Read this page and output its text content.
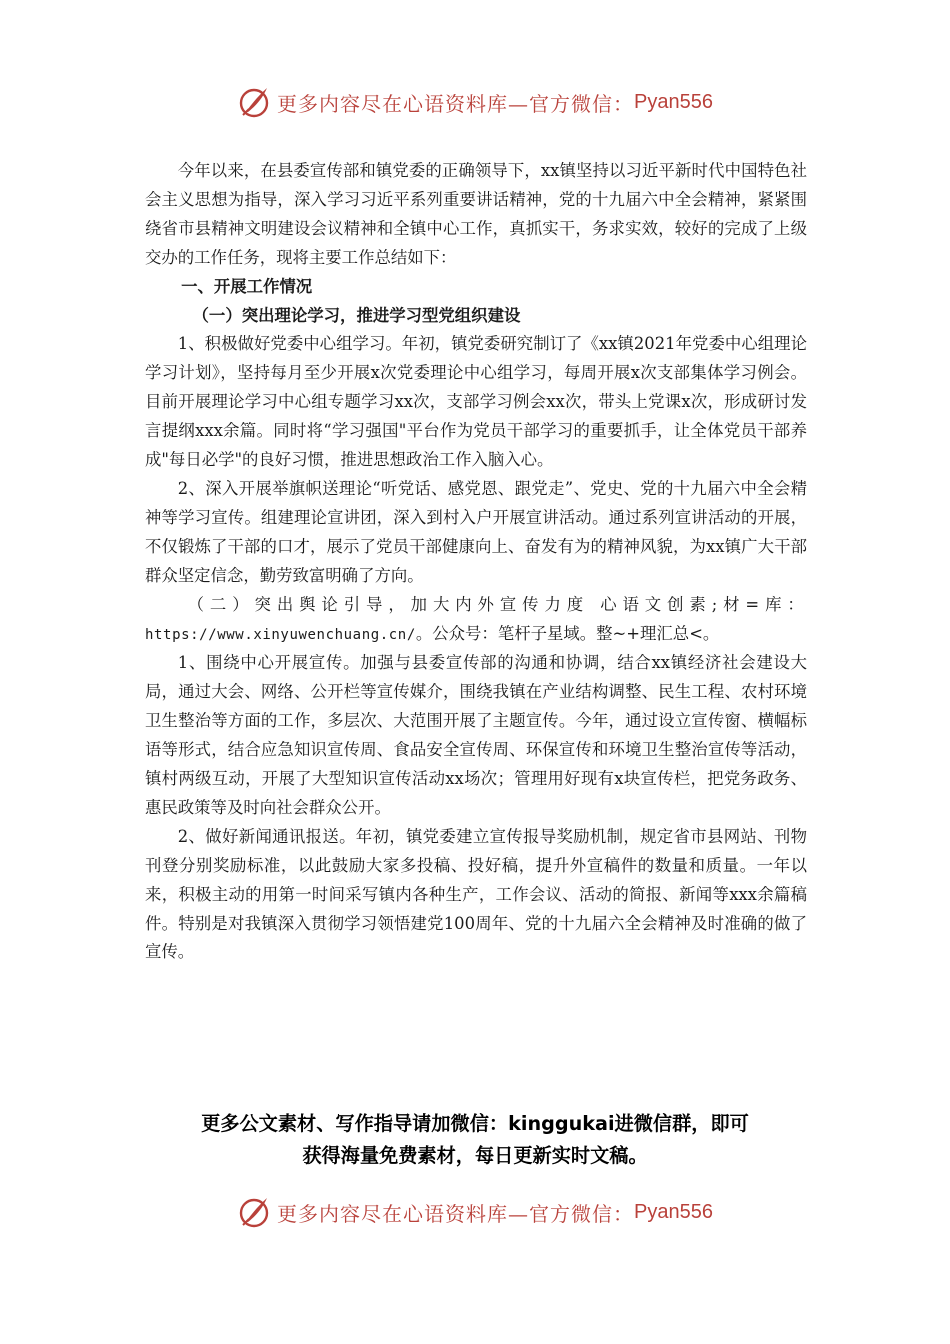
更多内容尽在心语资料库—官方微信： Pyan556

今年以来，在县委宣传部和镇党委的正确领导下，xx镇坚持以习近平新时代中国特色社会主义思想为指导，深入学习习近平系列重要讲话精神，党的十九届六中全会精神，紧紧围绕省市县精神文明建设会议精神和全镇中心工作，真抓实干，务求实效，较好的完成了上级交办的工作任务，现将主要工作总结如下：

一、开展工作情况

（一）突出理论学习，推进学习型党组织建设

1、积极做好党委中心组学习。年初，镇党委研究制订了《xx镇2021年党委中心组理论学习计划》，坚持每月至少开展x次党委理论中心组学习，每周开展x次支部集体学习例会。目前开展理论学习中心组专题学习xx次，支部学习例会xx次，带头上党课x次，形成研讨发言提纲xxx余篇。同时将“学习强国"平台作为党员干部学习的重要抓手，让全体党员干部养成"每日必学"的良好习惯，推进思想政治工作入脑入心。

2、深入开展举旗帜送理论“听党话、感党恩、跟党走”、党史、党的十九届六中全会精神等学习宣传。组建理论宣讲团，深入到村入户开展宣讲活动。通过系列宣讲活动的开展，不仅锻炼了干部的口才，展示了党员干部健康向上、奋发有为的精神风貌，为xx镇广大干部群众坚定信念，勤劳致富明确了方向。

（二）突出舆论引导，加大内外宣传力度 心语文创素;材=库：https://www.xinyuwenchuang.cn/。公众号：笔杆子星域。整~+理汇总<。

1、围绕中心开展宣传。加强与县委宣传部的沟通和协调，结合xx镇经济社会建设大局，通过大会、网络、公开栏等宣传媒介，围绕我镇在产业结构调整、民生工程、农村环境卫生整治等方面的工作，多层次、大范围开展了主题宣传。今年，通过设立宣传窗、横幅标语等形式，结合应急知识宣传周、食品安全宣传周、环保宣传和环境卫生整治宣传等活动，镇村两级互动，开展了大型知识宣传活动xx场次；管理用好现有x块宣传栏，把党务政务、惠民政策等及时向社会群众公开。

2、做好新闻通讯报送。年初，镇党委建立宣传报导奖励机制，规定省市县网站、刊物刊登分别奖励标准，以此鼓励大家多投稿、投好稿，提升外宣稿件的数量和质量。一年以来，积极主动的用第一时间采写镇内各种生产，工作会议、活动的简报、新闻等xxx余篇稿件。特别是对我镇深入贯彻学习领悟建党100周年、党的十九届六全会精神及时准确的做了宣传。

更多公文素材、写作指导请加微信：kinggukai进微信群，即可
获得海量免费素材，每日更新实时文稿。
更多内容尽在心语资料库—官方微信： Pyan556
